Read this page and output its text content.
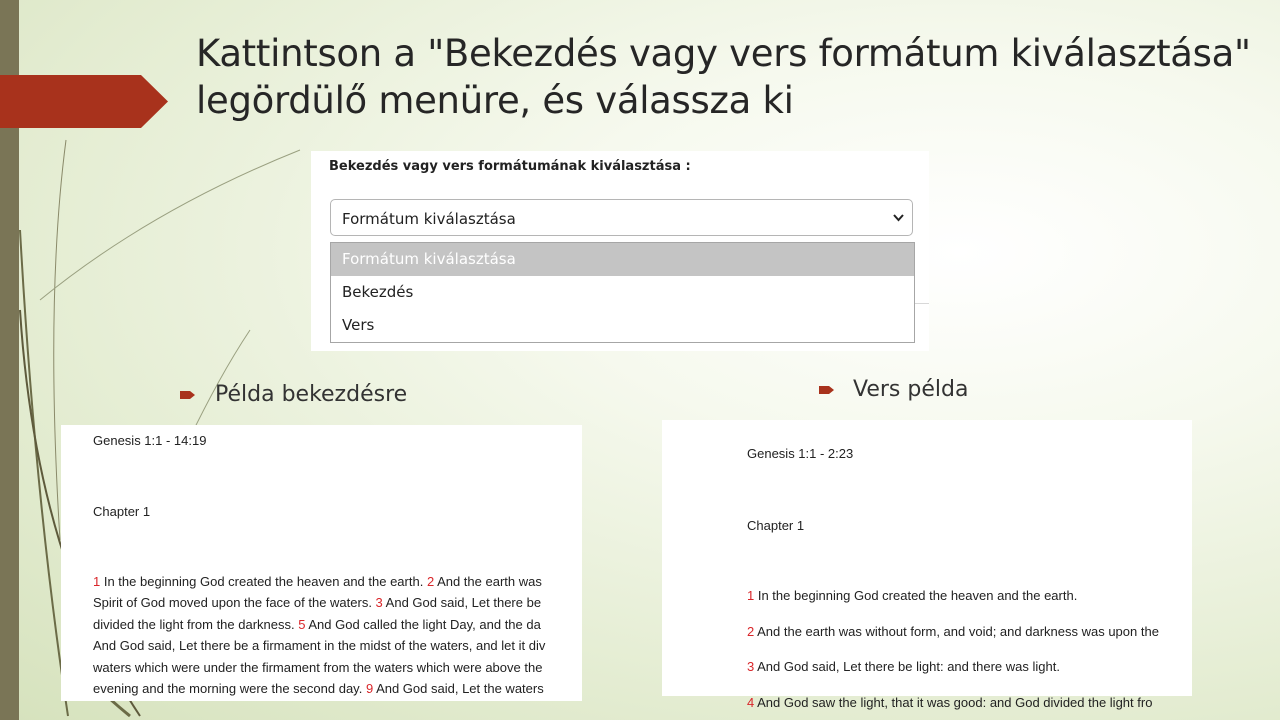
Kattintson a "Bekezdés vagy vers formátum kiválasztása" legördülő menüre, és válassza ki
Bekezdés vagy vers formátumának kiválasztása :
Formátum kiválasztása
Formátum kiválasztása
Bekezdés
Vers
Példa bekezdésre	Vers példa
Genesis 1:1 - 14:19
Chapter 1
1 In the beginning God created the heaven and the earth. 2 And the earth was
Spirit of God moved upon the face of the waters. 3 And God said, Let there be
divided the light from the darkness. 5 And God called the light Day, and the da
And God said, Let there be a firmament in the midst of the waters, and let it div
waters which were under the firmament from the waters which were above the
evening and the morning were the second day. 9 And God said, Let the waters
Genesis 1:1 - 2:23
Chapter 1
1 In the beginning God created the heaven and the earth.
2 And the earth was without form, and void; and darkness was upon the
3 And God said, Let there be light: and there was light.
4 And God saw the light, that it was good: and God divided the light fro
